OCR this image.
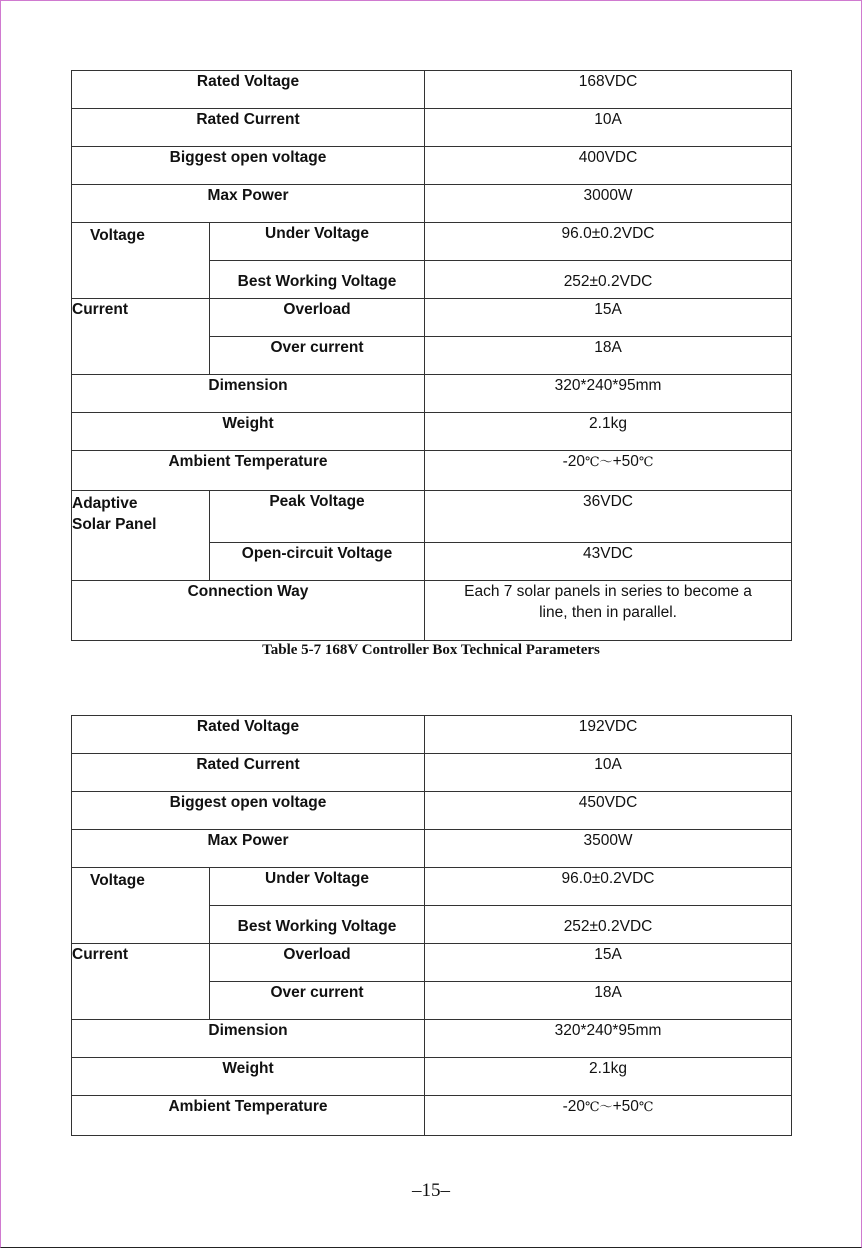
Rated Voltage		168VDC
Rated Current		10A
Biggest open voltage		400VDC
Max Power		3000W
Voltage	Under Voltage	96.0±0.2VDC
	Best Working Voltage	252±0.2VDC
Current	Overload	15A
	Over current	18A
Dimension		320*240*95mm
Weight		2.1kg
Ambient Temperature		-20℃～+50℃
Adaptive
Solar Panel	Peak Voltage	36VDC
	Open-circuit Voltage	43VDC
Connection Way		Each 7 solar panels in series to become a
line, then in parallel.
Table 5-7 168V Controller Box Technical Parameters
Rated Voltage		192VDC
Rated Current		10A
Biggest open voltage		450VDC
Max Power		3500W
Voltage	Under Voltage	96.0±0.2VDC
	Best Working Voltage	252±0.2VDC
Current	Overload	15A
	Over current	18A
Dimension		320*240*95mm
Weight		2.1kg
Ambient Temperature		-20℃～+50℃
–15–
